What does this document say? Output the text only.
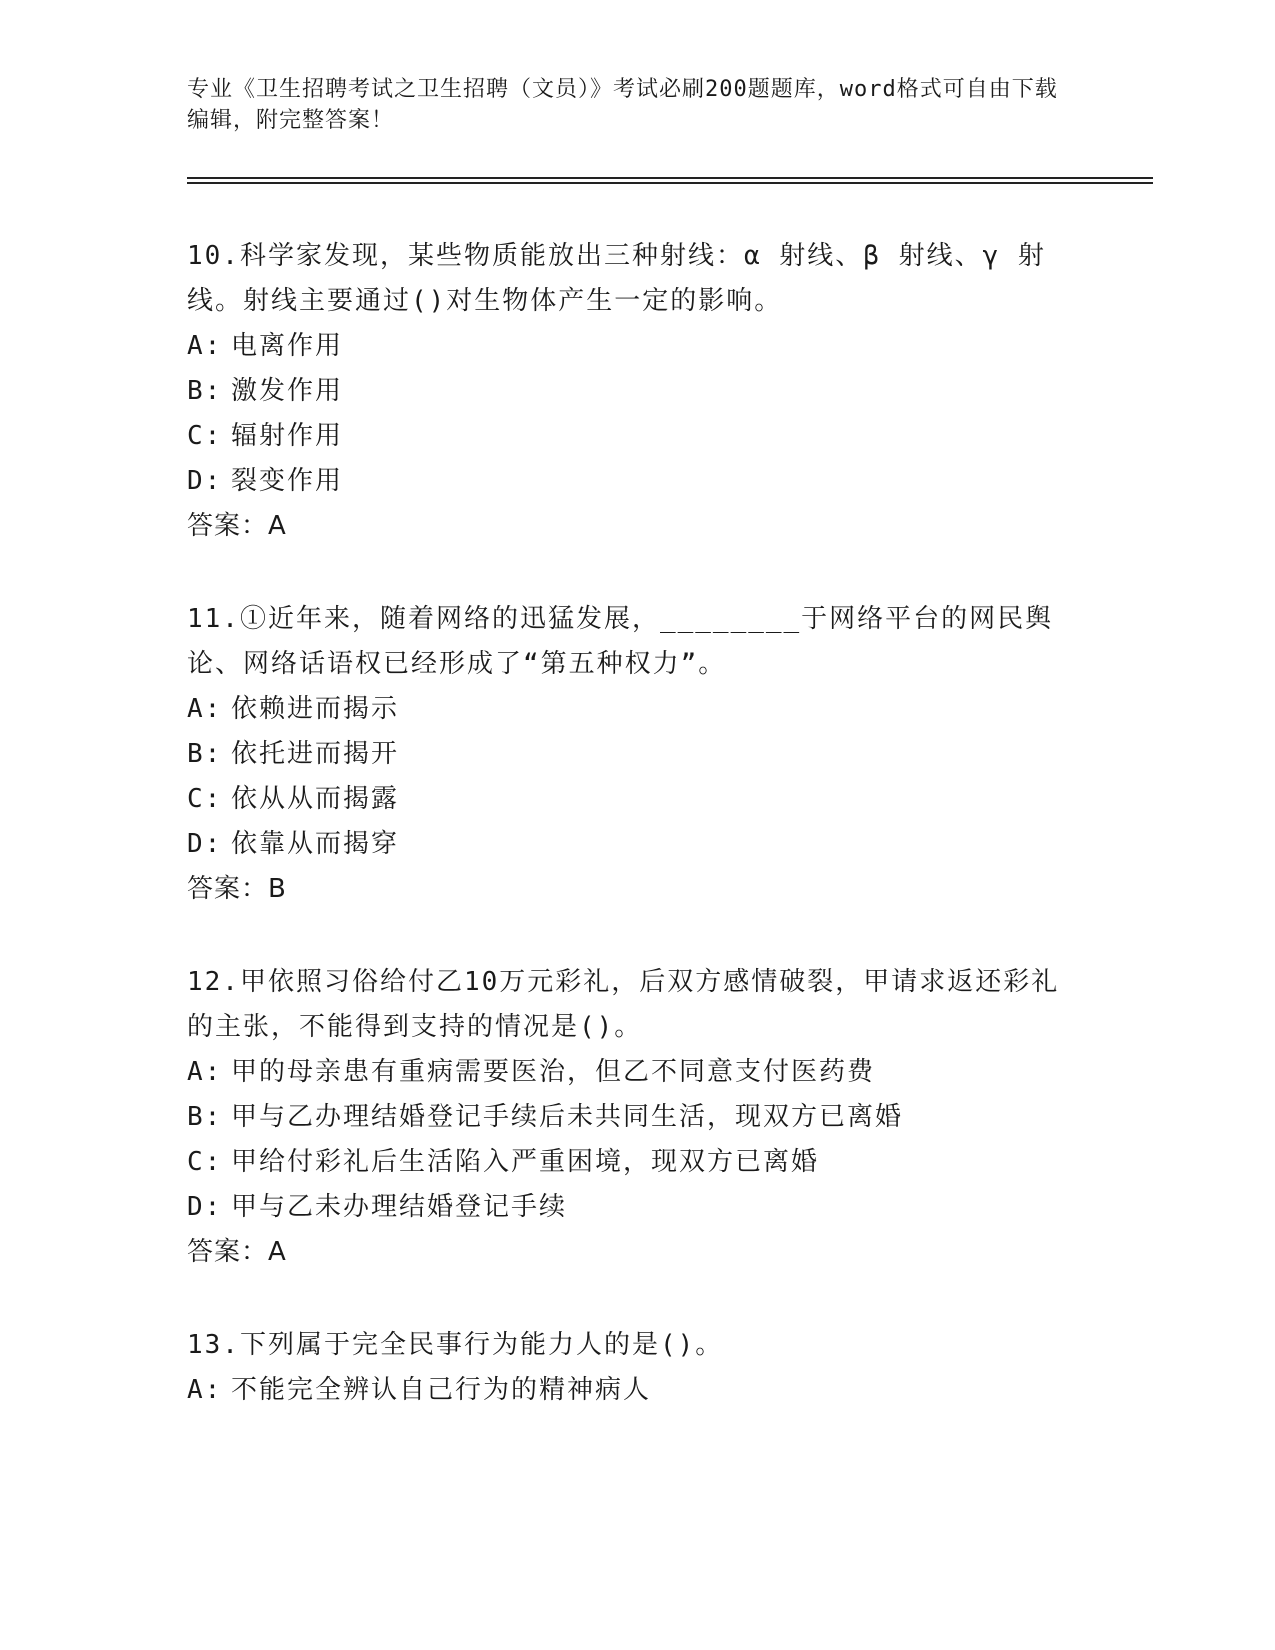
专业《卫生招聘考试之卫生招聘（文员）》考试必刷200题题库，word格式可自由下载编辑，附完整答案！

10.科学家发现，某些物质能放出三种射线：α 射线、β 射线、γ 射线。射线主要通过()对生物体产生一定的影响。

A: 电离作用

B: 激发作用

C: 辐射作用

D: 裂变作用

答案：A

11.①近年来，随着网络的迅猛发展，________于网络平台的网民舆论、网络话语权已经形成了“第五种权力”。

A: 依赖进而揭示

B: 依托进而揭开

C: 依从从而揭露

D: 依靠从而揭穿

答案：B

12.甲依照习俗给付乙10万元彩礼，后双方感情破裂，甲请求返还彩礼的主张，不能得到支持的情况是()。

A: 甲的母亲患有重病需要医治，但乙不同意支付医药费

B: 甲与乙办理结婚登记手续后未共同生活，现双方已离婚

C: 甲给付彩礼后生活陷入严重困境，现双方已离婚

D: 甲与乙未办理结婚登记手续

答案：A

13.下列属于完全民事行为能力人的是()。

A: 不能完全辨认自己行为的精神病人
